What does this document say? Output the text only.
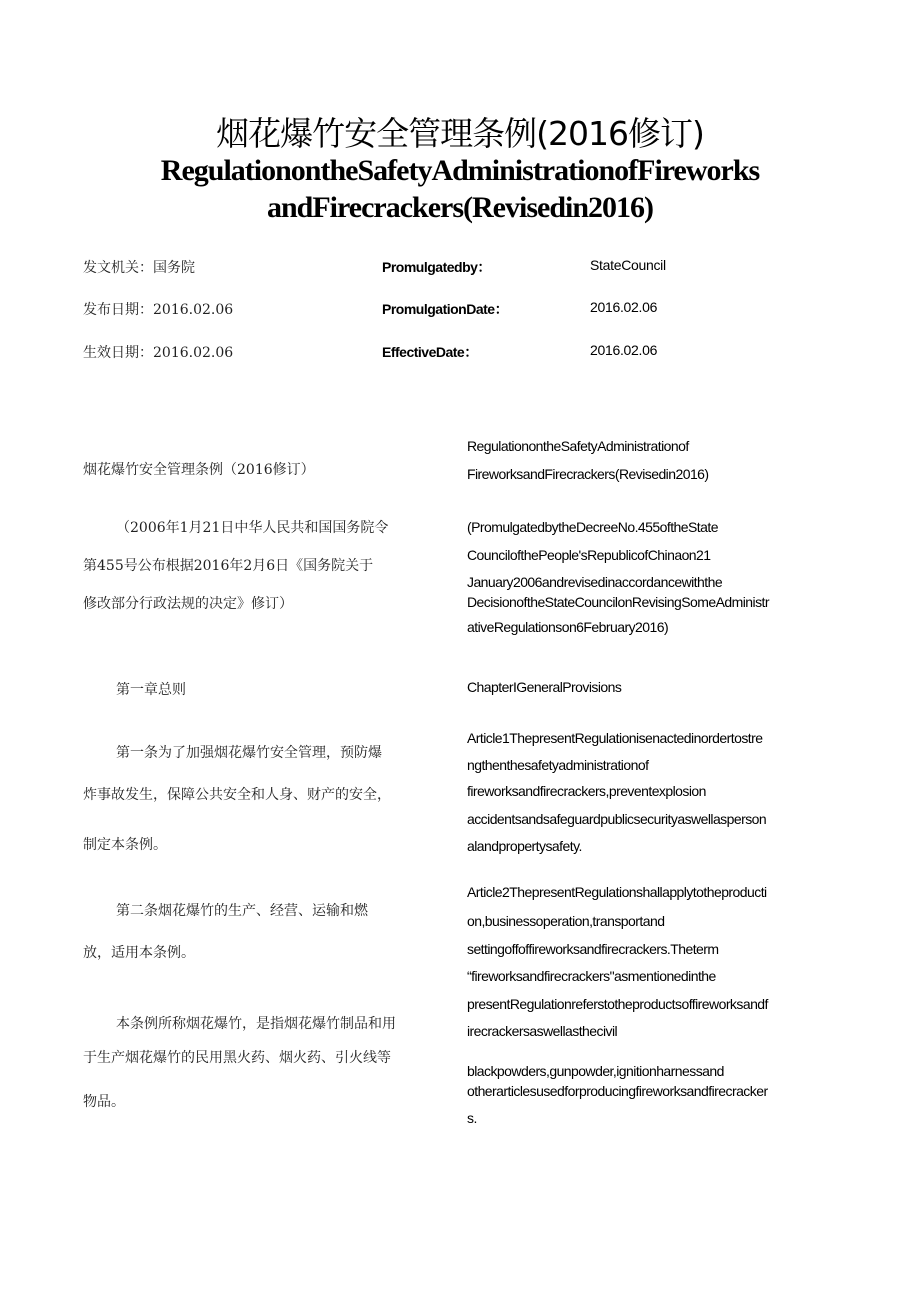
烟花爆竹安全管理条例(2016修订)
RegulationontheSafetyAdministrationofFireworks
andFirecrackers(Revisedin2016)
发文机关：国务院	Promulgatedby：	StateCouncil
发布日期：2016.02.06	PromulgationDate：	2016.02.06
生效日期：2016.02.06	EffectiveDate：	2016.02.06
烟花爆竹安全管理条例（2016修订）
（2006年1月21日中华人民共和国国务院令
第455号公布根据2016年2月6日《国务院关于
修改部分行政法规的决定》修订）
第一章总则
第一条为了加强烟花爆竹安全管理，预防爆
炸事故发生，保障公共安全和人身、财产的安全，
制定本条例。
第二条烟花爆竹的生产、经营、运输和燃
放，适用本条例。
本条例所称烟花爆竹，是指烟花爆竹制品和用
于生产烟花爆竹的民用黑火药、烟火药、引火线等
物品。
RegulationontheSafetyAdministrationof
FireworksandFirecrackers(Revisedin2016)
(PromulgatedbytheDecreeNo.455oftheState
CouncilofthePeople'sRepublicofChinaon21
January2006andrevisedinaccordancewiththe
DecisionoftheStateCouncilonRevisingSomeAdministr
ativeRegulationson6February2016)
ChapterIGeneralProvisions
Article1ThepresentRegulationisenactedinordertostre
ngthenthesafetyadministrationof
fireworksandfirecrackers,preventexplosion
accidentsandsafeguardpublicsecurityaswellasperson
alandpropertysafety.
Article2ThepresentRegulationshallapplytotheproducti
on,businessoperation,transportand
settingoffoffireworksandfirecrackers.Theterm
“fireworksandfirecrackers"asmentionedinthe
presentRegulationreferstotheproductsoffireworksandf
irecrackersaswellasthecivil
blackpowders,gunpowder,ignitionharnessand
otherarticlesusedforproducingfireworksandfirecracker
s.
